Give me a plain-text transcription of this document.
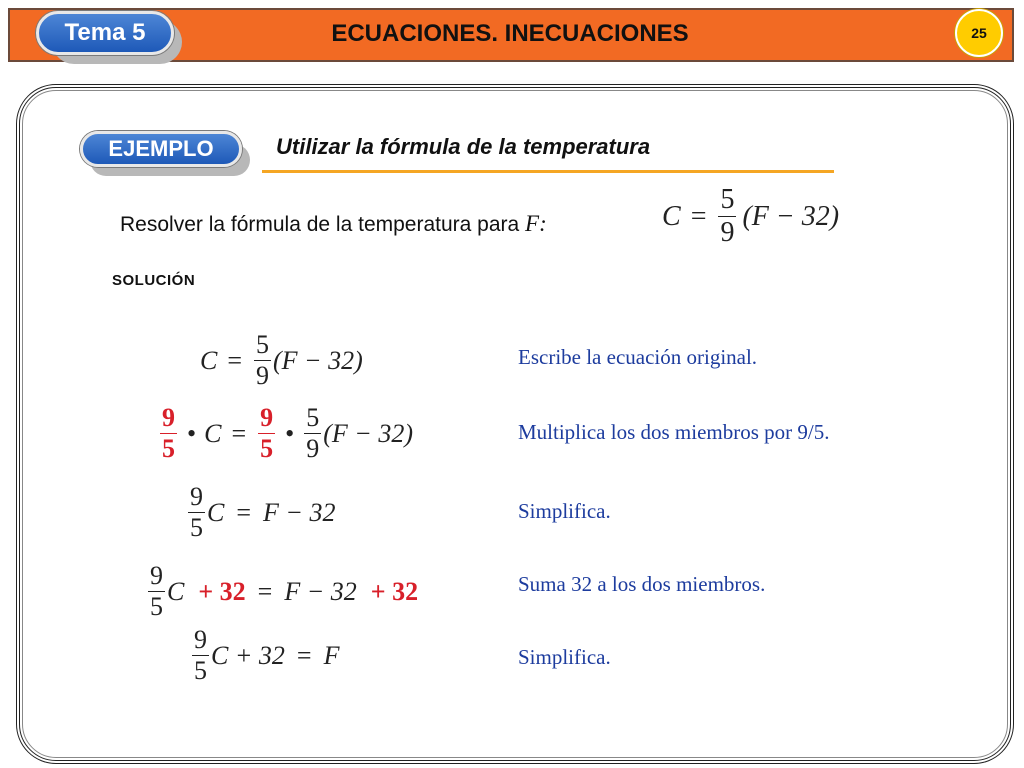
Tema 5	ECUACIONES. INECUACIONES	25
EJEMPLO	Utilizar la fórmula de la temperatura
Resolver la fórmula de la temperatura para F:	$C = \frac{5}{9} (F - 32)$
SOLUCIÓN
$C = \frac{5}{9} (F - 32)$	Escribe la ecuación original.
$\frac{9}{5}$ • $C = \frac{9}{5}$ • $\frac{5}{9} (F - 32)$	Multiplica los dos miembros por 9/5.
$\frac{9}{5}$ C = F − 32	Simplifica.
$\frac{9}{5}$ C + 32 = F − 32 + 32	Suma 32 a los dos miembros.
$\frac{9}{5}$ C + 32 = F	Simplifica.
